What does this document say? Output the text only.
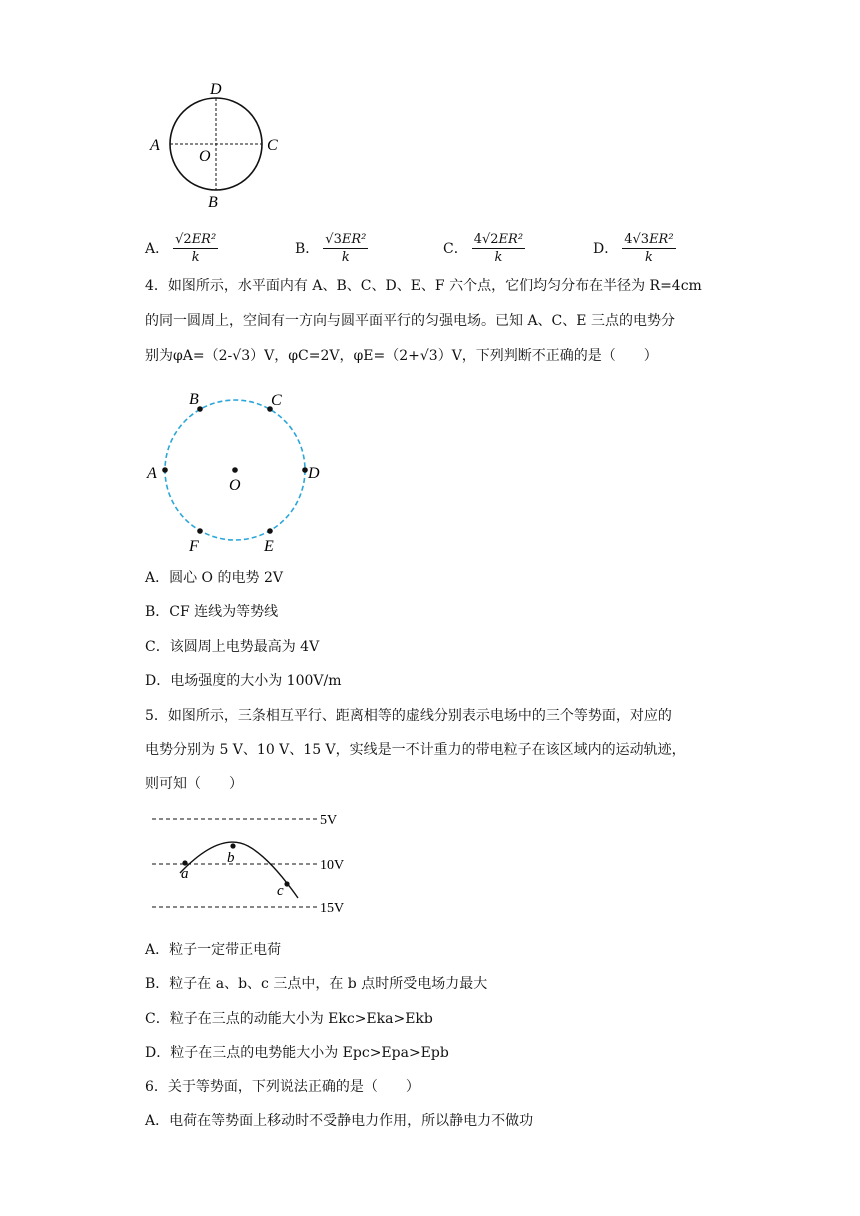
D
A	C
O
B
A． $\frac{\text{√2ER²}}{k}$	B． $\frac{\text{√3ER²}}{k}$	C． $\frac{\text{4√2ER²}}{k}$	D． $\frac{\text{4√3ER²}}{k}$
4．如图所示，水平面内有 A、B、C、D、E、F 六个点，它们均匀分布在半径为 R=4cm
的同一圆周上，空间有一方向与圆平面平行的匀强电场。已知 A、C、E 三点的电势分
别为φA=（2-√3）V，φC=2V，φE=（2+√3）V，下列判断不正确的是（　　）
B	C
A
O
D
F	E
A．圆心 O 的电势 2V
B．CF 连线为等势线
C．该圆周上电势最高为 4V
D．电场强度的大小为 100V/m
5．如图所示，三条相互平行、距离相等的虚线分别表示电场中的三个等势面，对应的
电势分别为 5 V、10 V、15 V，实线是一不计重力的带电粒子在该区域内的运动轨迹，
则可知（　　）
a
b
c
5V
10V
15V
A．粒子一定带正电荷
B．粒子在 a、b、c 三点中，在 b 点时所受电场力最大
C．粒子在三点的动能大小为 Ekc>Eka>Ekb
D．粒子在三点的电势能大小为 Epc>Epa>Epb
6．关于等势面，下列说法正确的是（　　）
A．电荷在等势面上移动时不受静电力作用，所以静电力不做功
